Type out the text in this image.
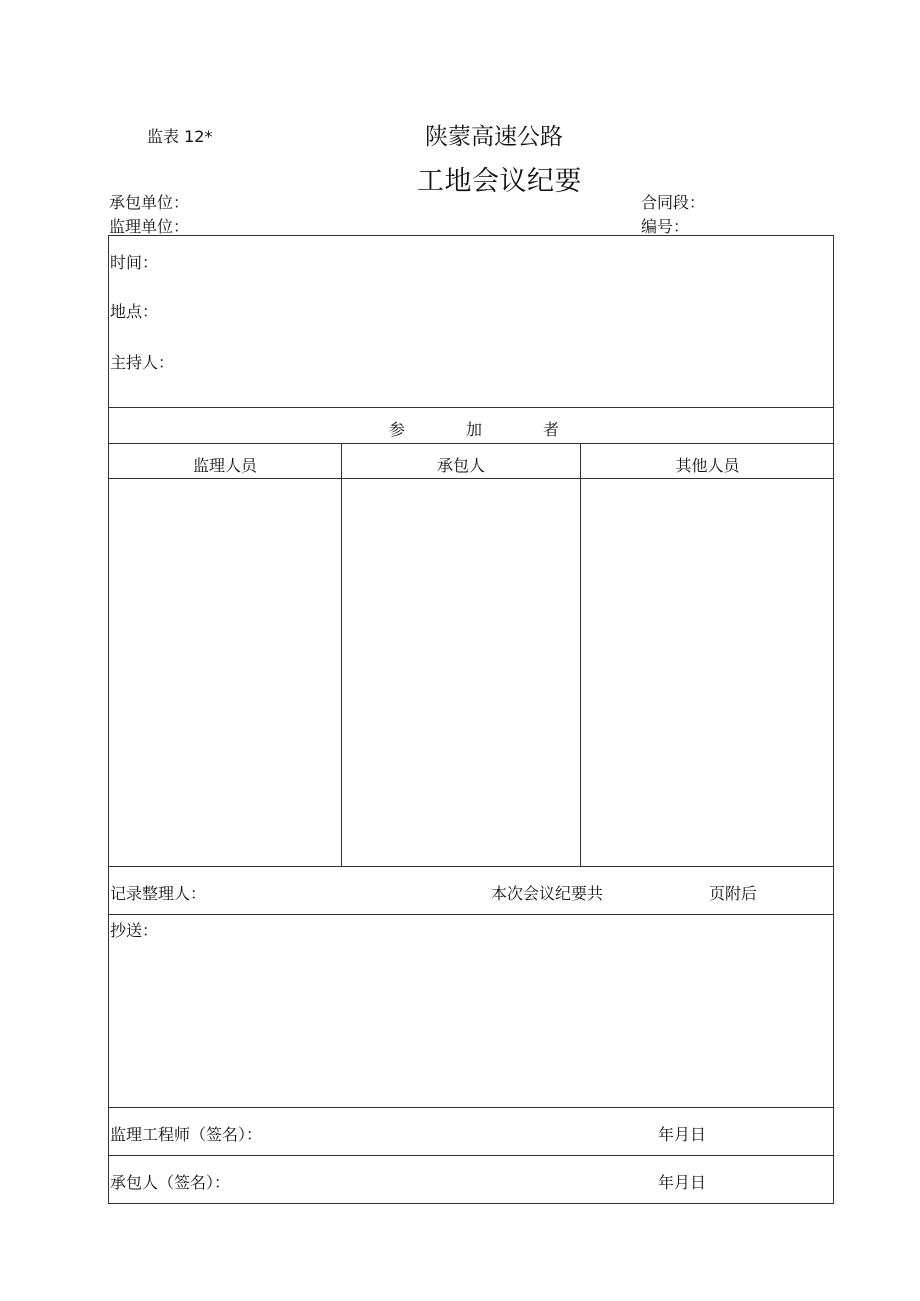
监表 12*	陕蒙高速公路
工地会议纪要
承包单位：	合同段：
监理单位：	编号：
时间：
地点：
主持人：
参	加	者
监理人员	承包人	其他人员
记录整理人：	本次会议纪要共	页附后
抄送：
监理工程师（签名）：	年月日
承包人（签名）：	年月日
